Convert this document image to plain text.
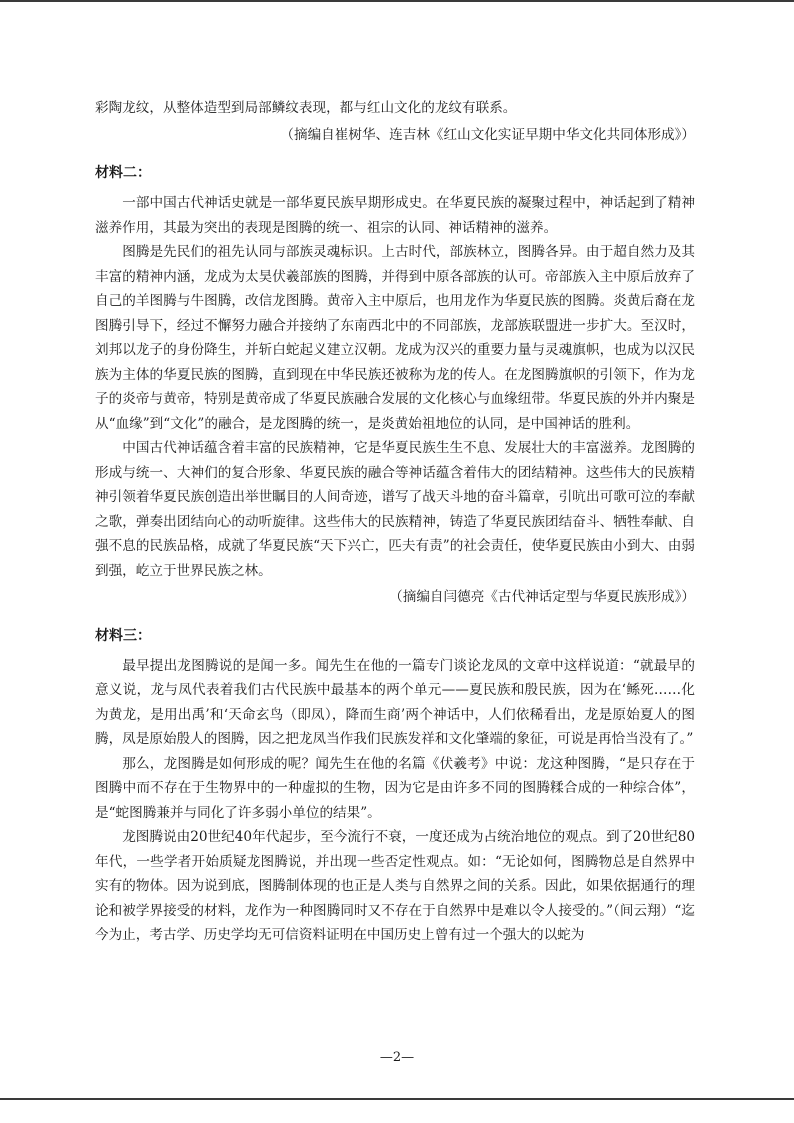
彩陶龙纹，从整体造型到局部鳞纹表现，都与红山文化的龙纹有联系。

（摘编自崔树华、连吉林《红山文化实证早期中华文化共同体形成》）

材料二：

一部中国古代神话史就是一部华夏民族早期形成史。在华夏民族的凝聚过程中，神话起到了精神滋养作用，其最为突出的表现是图腾的统一、祖宗的认同、神话精神的滋养。

图腾是先民们的祖先认同与部族灵魂标识。上古时代，部族林立，图腾各异。由于超自然力及其丰富的精神内涵，龙成为太昊伏羲部族的图腾，并得到中原各部族的认可。帝部族入主中原后放弃了自己的羊图腾与牛图腾，改信龙图腾。黄帝入主中原后，也用龙作为华夏民族的图腾。炎黄后裔在龙图腾引导下，经过不懈努力融合并接纳了东南西北中的不同部族，龙部族联盟进一步扩大。至汉时，刘邦以龙子的身份降生，并斩白蛇起义建立汉朝。龙成为汉兴的重要力量与灵魂旗帜，也成为以汉民族为主体的华夏民族的图腾，直到现在中华民族还被称为龙的传人。在龙图腾旗帜的引领下，作为龙子的炎帝与黄帝，特别是黄帝成了华夏民族融合发展的文化核心与血缘纽带。华夏民族的外并内聚是从“血缘”到“文化”的融合，是龙图腾的统一，是炎黄始祖地位的认同，是中国神话的胜利。

中国古代神话蕴含着丰富的民族精神，它是华夏民族生生不息、发展壮大的丰富滋养。龙图腾的形成与统一、大神们的复合形象、华夏民族的融合等神话蕴含着伟大的团结精神。这些伟大的民族精神引领着华夏民族创造出举世瞩目的人间奇迹，谱写了战天斗地的奋斗篇章，引吭出可歌可泣的奉献之歌，弹奏出团结向心的动听旋律。这些伟大的民族精神，铸造了华夏民族团结奋斗、牺牲奉献、自强不息的民族品格，成就了华夏民族“天下兴亡，匹夫有责”的社会责任，使华夏民族由小到大、由弱到强，屹立于世界民族之林。

（摘编自闫德亮《古代神话定型与华夏民族形成》）

材料三：

最早提出龙图腾说的是闻一多。闻先生在他的一篇专门谈论龙凤的文章中这样说道：“就最早的意义说，龙与凤代表着我们古代民族中最基本的两个单元——夏民族和殷民族，因为在‘鲧死……化为黄龙，是用出禹’和‘天命玄鸟（即凤），降而生商’两个神话中，人们依稀看出，龙是原始夏人的图腾，凤是原始殷人的图腾，因之把龙凤当作我们民族发祥和文化肇端的象征，可说是再恰当没有了。”

那么，龙图腾是如何形成的呢？闻先生在他的名篇《伏羲考》中说：龙这种图腾，“是只存在于图腾中而不存在于生物界中的一种虚拟的生物，因为它是由许多不同的图腾糅合成的一种综合体”，是“蛇图腾兼并与同化了许多弱小单位的结果”。

龙图腾说由20世纪40年代起步，至今流行不衰，一度还成为占统治地位的观点。到了20世纪80年代，一些学者开始质疑龙图腾说，并出现一些否定性观点。如：“无论如何，图腾物总是自然界中实有的物体。因为说到底，图腾制体现的也正是人类与自然界之间的关系。因此，如果依据通行的理论和被学界接受的材料，龙作为一种图腾同时又不存在于自然界中是难以令人接受的。”（间云翔）“迄今为止，考古学、历史学均无可信资料证明在中国历史上曾有过一个强大的以蛇为

—2—
